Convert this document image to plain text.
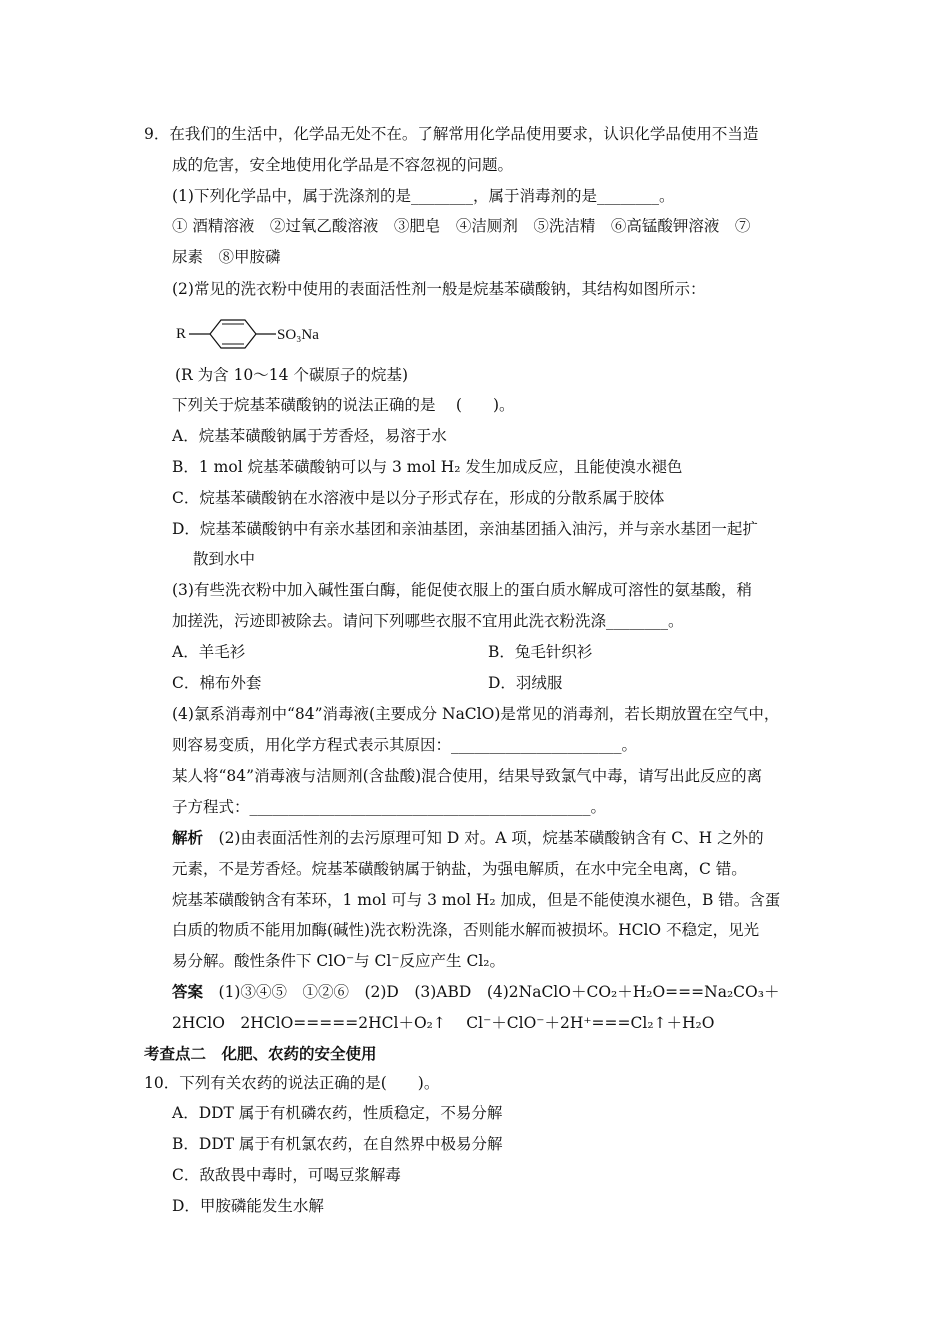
9．在我们的生活中，化学品无处不在。了解常用化学品使用要求，认识化学品使用不当造
成的危害，安全地使用化学品是不容忽视的问题。
(1)下列化学品中，属于洗涤剂的是________，属于消毒剂的是________。
① 酒精溶液　②过氧乙酸溶液　③肥皂　④洁厕剂　⑤洗洁精　⑥高锰酸钾溶液　⑦
尿素　⑧甲胺磷
(2)常见的洗衣粉中使用的表面活性剂一般是烷基苯磺酸钠，其结构如图所示：
R	SO₃Na
(R 为含 10～14 个碳原子的烷基)
下列关于烷基苯磺酸钠的说法正确的是　 (　　)。
A．烷基苯磺酸钠属于芳香烃，易溶于水
B．1 mol 烷基苯磺酸钠可以与 3 mol H₂ 发生加成反应，且能使溴水褪色
C．烷基苯磺酸钠在水溶液中是以分子形式存在，形成的分散系属于胶体
D．烷基苯磺酸钠中有亲水基团和亲油基团，亲油基团插入油污，并与亲水基团一起扩
散到水中
(3)有些洗衣粉中加入碱性蛋白酶，能促使衣服上的蛋白质水解成可溶性的氨基酸，稍
加搓洗，污迹即被除去。请问下列哪些衣服不宜用此洗衣粉洗涤________。
A．羊毛衫	B．兔毛针织衫
C．棉布外套	D．羽绒服
(4)氯系消毒剂中“84”消毒液(主要成分 NaClO)是常见的消毒剂，若长期放置在空气中，
则容易变质，用化学方程式表示其原因：______________________。
某人将“84”消毒液与洁厕剂(含盐酸)混合使用，结果导致氯气中毒，请写出此反应的离
子方程式：____________________________________________。
解析　(2)由表面活性剂的去污原理可知 D 对。A 项，烷基苯磺酸钠含有 C、H 之外的
元素，不是芳香烃。烷基苯磺酸钠属于钠盐，为强电解质，在水中完全电离，C 错。
烷基苯磺酸钠含有苯环，1 mol 可与 3 mol H₂ 加成，但是不能使溴水褪色，B 错。含蛋
白质的物质不能用加酶(碱性)洗衣粉洗涤，否则能水解而被损坏。HClO 不稳定，见光
易分解。酸性条件下 ClO⁻与 Cl⁻反应产生 Cl₂。
答案　(1)③④⑤　①②⑥　(2)D　(3)ABD　(4)2NaClO＋CO₂＋H₂O===Na₂CO₃＋
2HClO　2HClO=====2HCl＋O₂↑　 Cl⁻＋ClO⁻＋2H⁺===Cl₂↑＋H₂O
考查点二　化肥、农药的安全使用
10．下列有关农药的说法正确的是(　　)。
A．DDT 属于有机磷农药，性质稳定，不易分解
B．DDT 属于有机氯农药，在自然界中极易分解
C．敌敌畏中毒时，可喝豆浆解毒
D．甲胺磷能发生水解
